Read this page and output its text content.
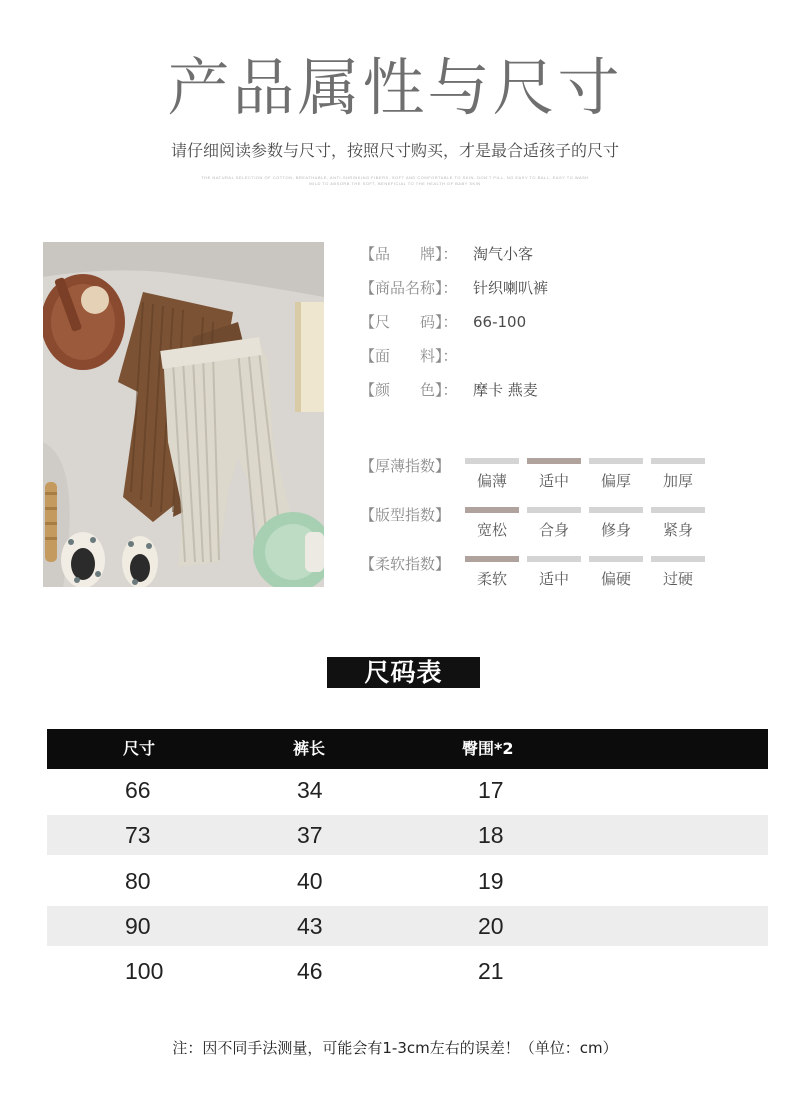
产品属性与尺寸
请仔细阅读参数与尺寸，按照尺寸购买，才是最合适孩子的尺寸
THE NATURAL SELECTION OF COTTON, BREATHABLE, ANTI-SHRINKING FIBERS, SOFT AND COMFORTABLE TO SKIN, DON'T PILL, NO EASY TO BALL, EASY TO WASH
MILD TO ABSORB THE SOFT, BENEFICIAL TO THE HEALTH OF BABY SKIN
【品　　牌】：	淘气小客
【商品名称】：	针织喇叭裤
【尺　　码】：	66-100
【面　　料】：
【颜　　色】：	摩卡 燕麦
【厚薄指数】
偏薄	适中	偏厚	加厚
【版型指数】
宽松	合身	修身	紧身
【柔软指数】
柔软	适中	偏硬	过硬
尺码表
尺寸	裤长	臀围*2
66	34	17
73	37	18
80	40	19
90	43	20
100	46	21
注：因不同手法测量，可能会有1-3cm左右的误差！（单位：cm）
